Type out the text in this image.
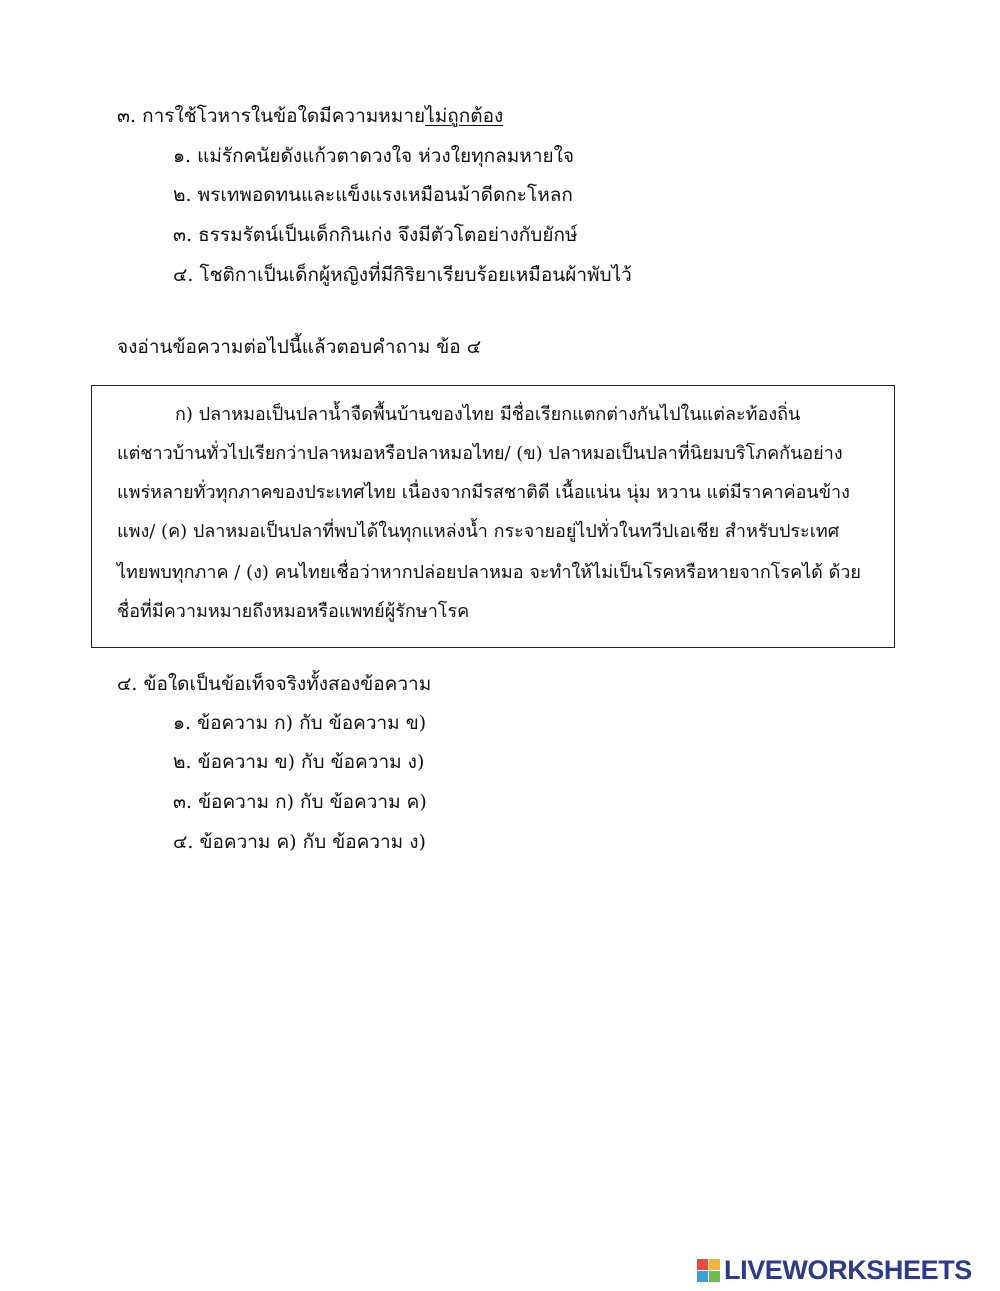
๓. การใช้โวหารในข้อใดมีความหมายไม่ถูกต้อง
๑. แม่รักคนัยดังแก้วตาดวงใจ ห่วงใยทุกลมหายใจ
๒. พรเทพอดทนและแข็งแรงเหมือนม้าดีดกะโหลก
๓. ธรรมรัตน์เป็นเด็กกินเก่ง จึงมีตัวโตอย่างกับยักษ์
๔. โชติกาเป็นเด็กผู้หญิงที่มีกิริยาเรียบร้อยเหมือนผ้าพับไว้
จงอ่านข้อความต่อไปนี้แล้วตอบคำถาม ข้อ ๔
ก) ปลาหมอเป็นปลาน้ำจืดพื้นบ้านของไทย มีชื่อเรียกแตกต่างกันไปในแต่ละท้องถิ่น
แต่ชาวบ้านทั่วไปเรียกว่าปลาหมอหรือปลาหมอไทย/ (ข) ปลาหมอเป็นปลาที่นิยมบริโภคกันอย่าง
แพร่หลายทั่วทุกภาคของประเทศไทย เนื่องจากมีรสชาติดี เนื้อแน่น นุ่ม หวาน แต่มีราคาค่อนข้าง
แพง/ (ค) ปลาหมอเป็นปลาที่พบได้ในทุกแหล่งน้ำ กระจายอยู่ไปทั่วในทวีปเอเชีย สำหรับประเทศ
ไทยพบทุกภาค / (ง) คนไทยเชื่อว่าหากปล่อยปลาหมอ จะทำให้ไม่เป็นโรคหรือหายจากโรคได้ ด้วย
ชื่อที่มีความหมายถึงหมอหรือแพทย์ผู้รักษาโรค
๔. ข้อใดเป็นข้อเท็จจริงทั้งสองข้อความ
๑. ข้อความ ก) กับ ข้อความ ข)
๒. ข้อความ ข) กับ ข้อความ ง)
๓. ข้อความ ก) กับ ข้อความ ค)
๔. ข้อความ ค) กับ ข้อความ ง)
LIVEWORKSHEETS
